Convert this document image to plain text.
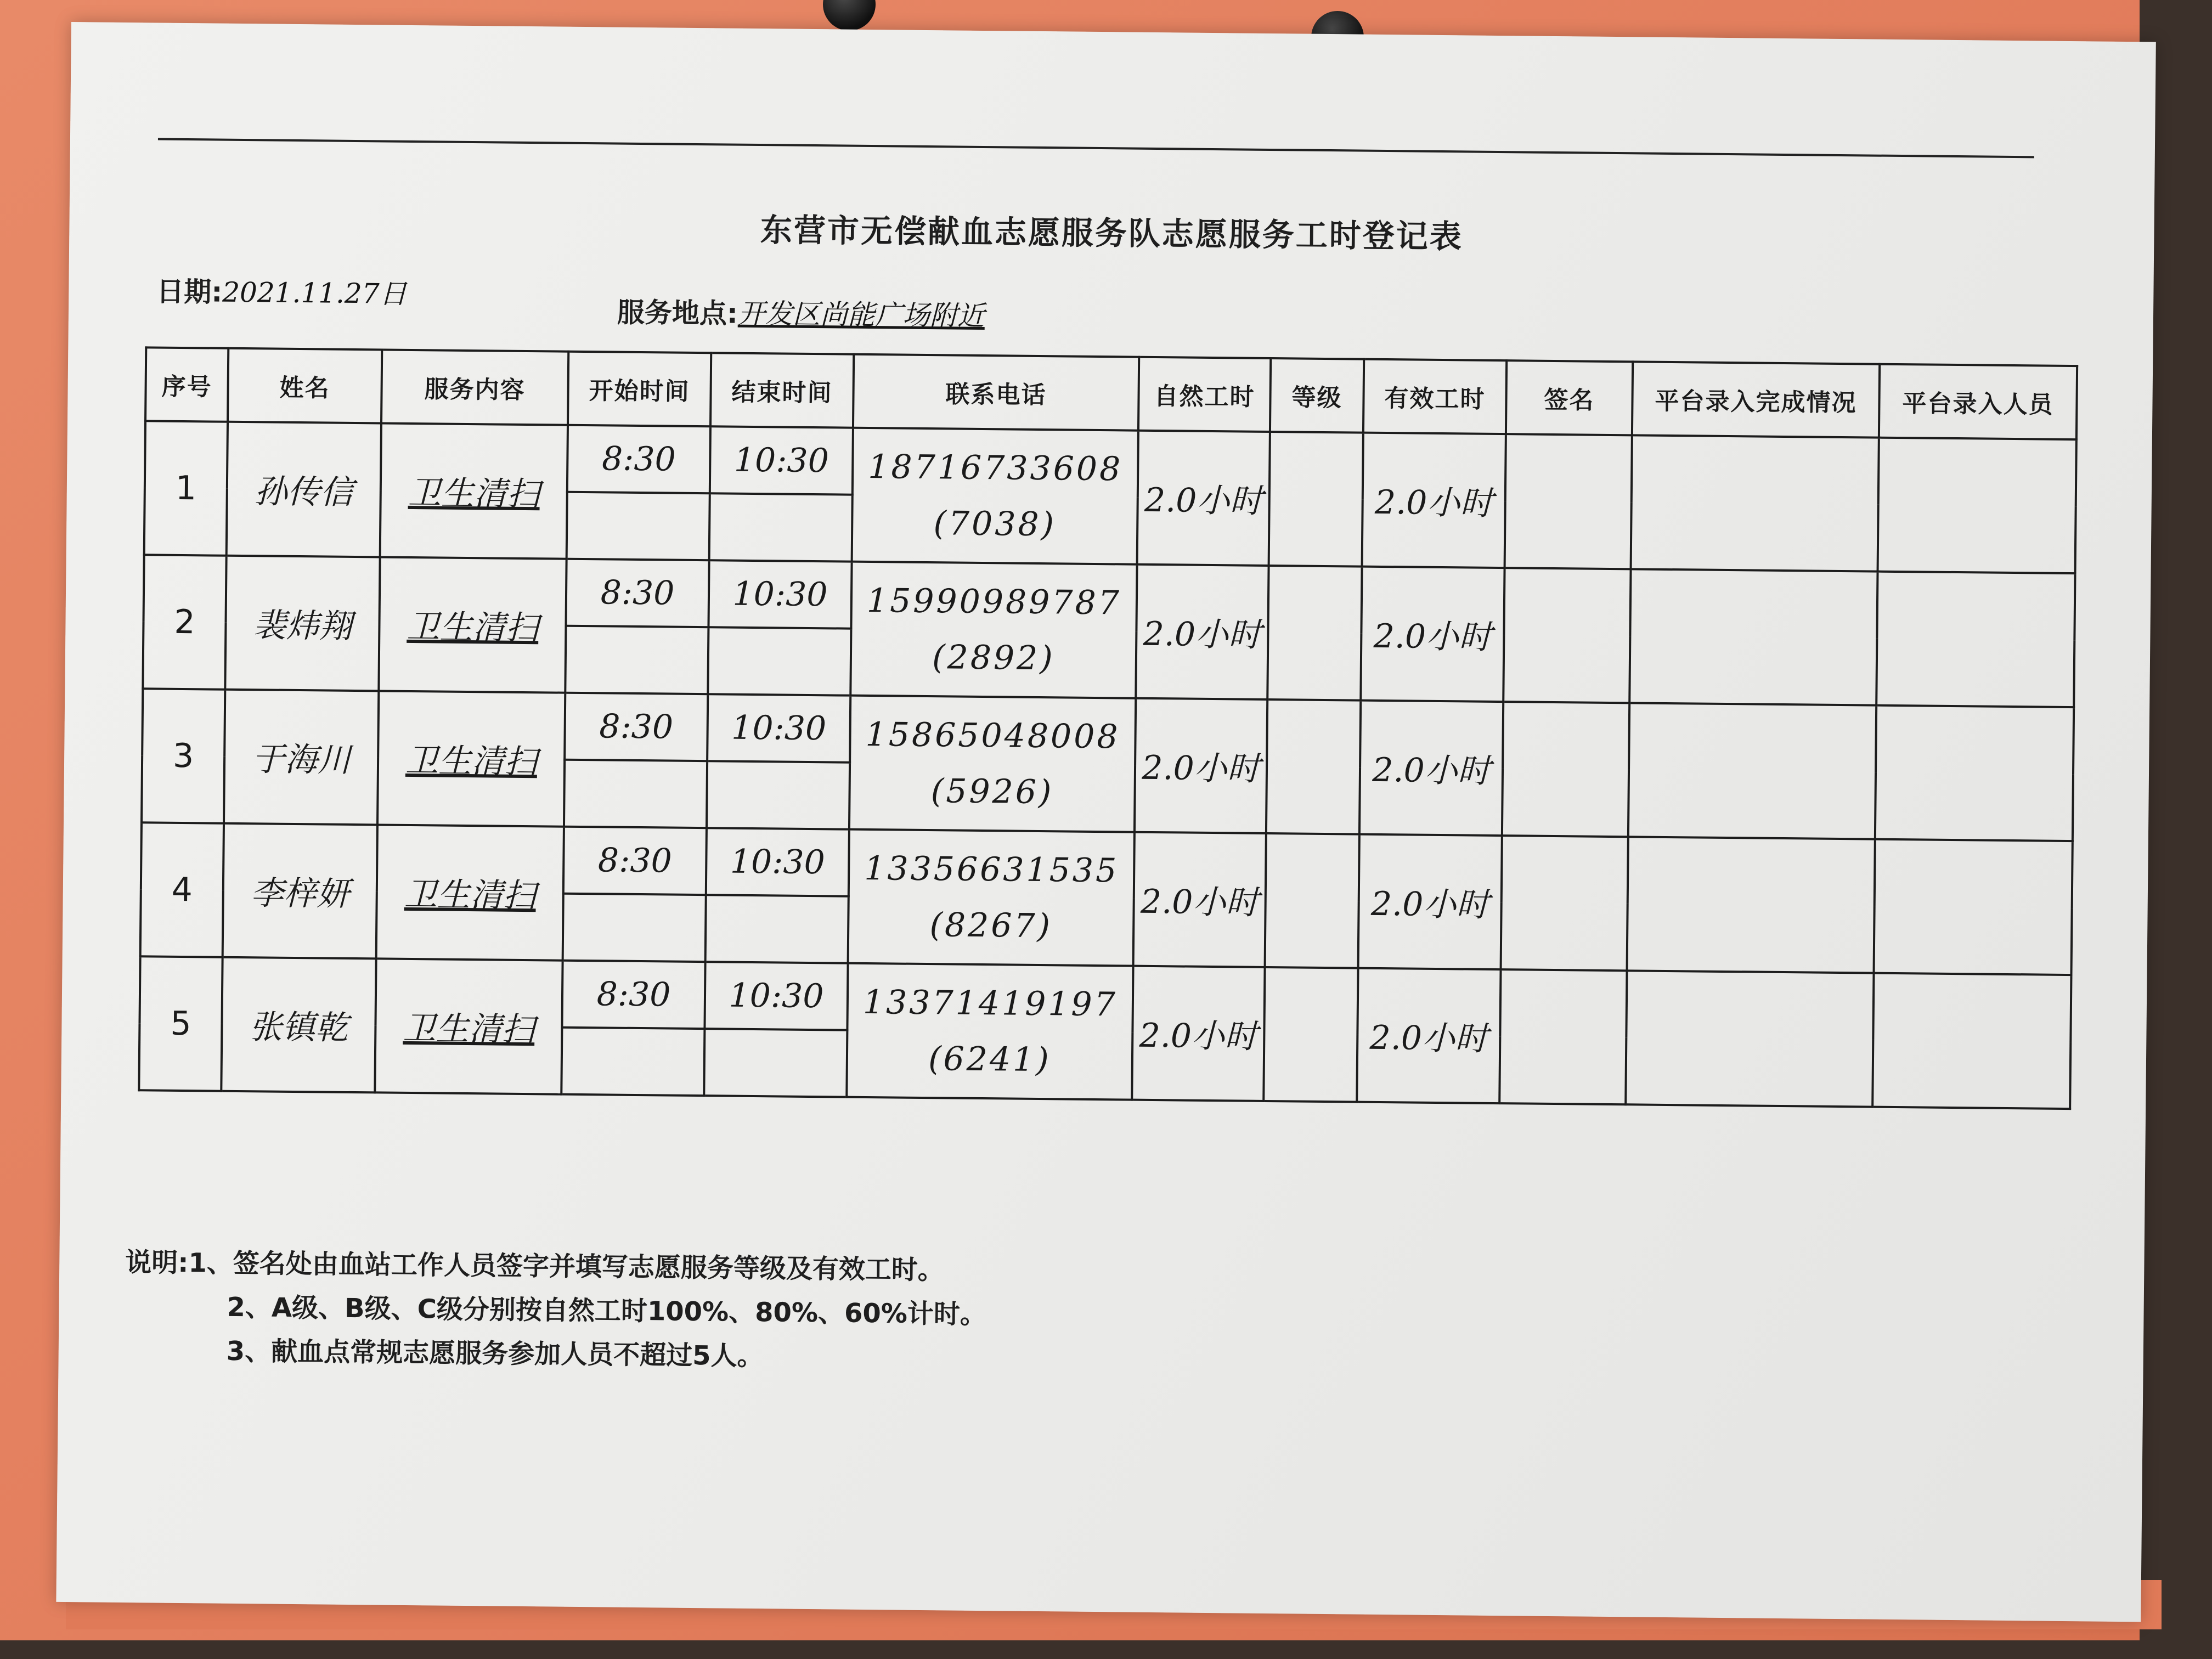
东营市无偿献血志愿服务队志愿服务工时登记表
日期:2021.11.27日
服务地点:开发区尚能广场附近
序号	姓名	服务内容	开始时间	结束时间	联系电话	自然工时	等级	有效工时	签名	平台录入完成情况	平台录入人员
1	孙传信	卫生清扫	8:30	10:30	18716733608
(7038)	2.0小时		2.0小时			

2	裴炜翔	卫生清扫	8:30	10:30	15990989787
(2892)	2.0小时		2.0小时			

3	于海川	卫生清扫	8:30	10:30	15865048008
(5926)	2.0小时		2.0小时			

4	李梓妍	卫生清扫	8:30	10:30	13356631535
(8267)	2.0小时		2.0小时			

5	张镇乾	卫生清扫	8:30	10:30	13371419197
(6241)	2.0小时		2.0小时			

说明:1、签名处由血站工作人员签字并填写志愿服务等级及有效工时。
2、A级、B级、C级分别按自然工时100%、80%、60%计时。
3、献血点常规志愿服务参加人员不超过5人。
